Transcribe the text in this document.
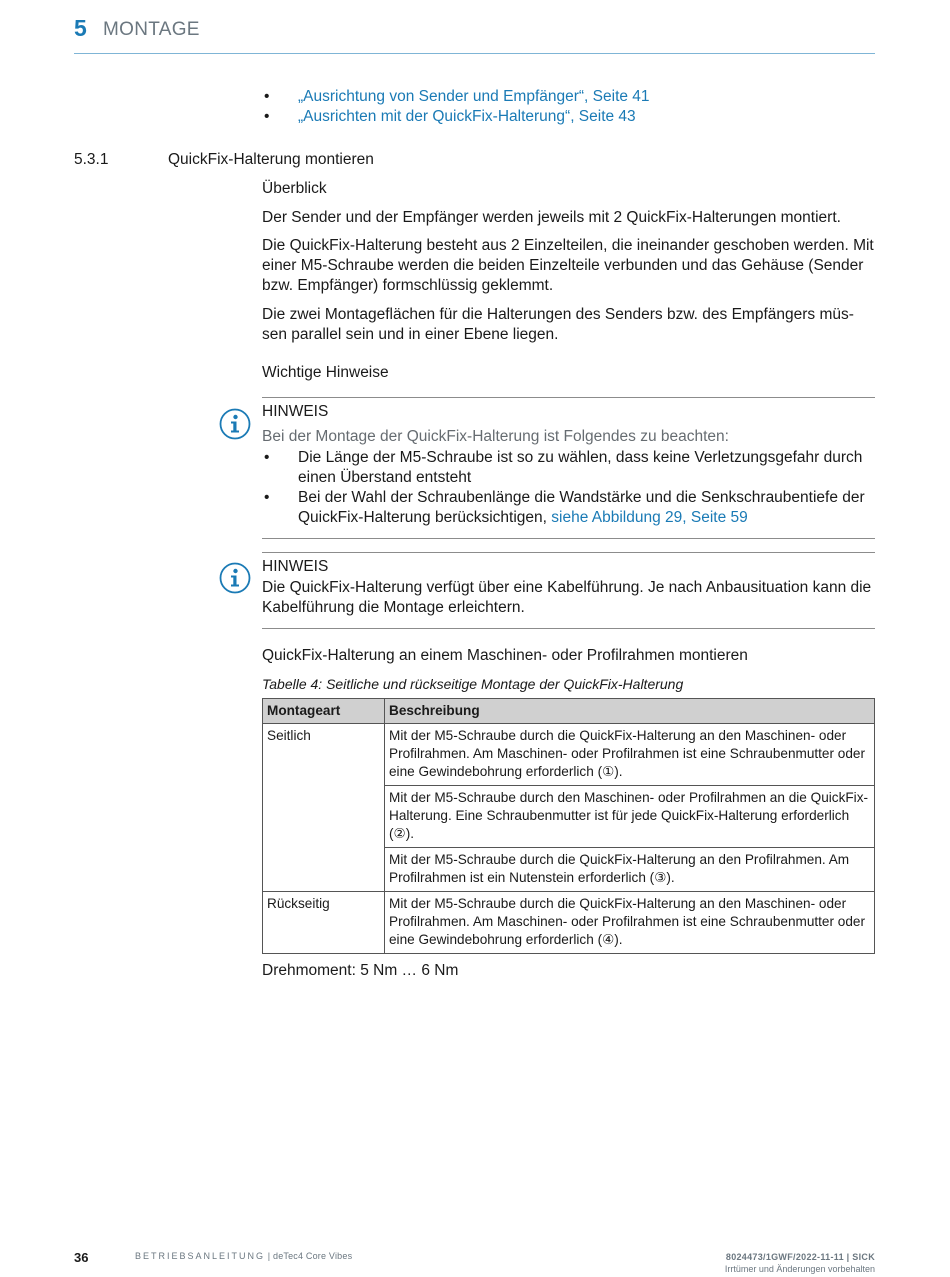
5 MONTAGE
• „Ausrichtung von Sender und Empfänger“, Seite 41
• „Ausrichten mit der QuickFix-Halterung“, Seite 43
5.3.1	QuickFix-Halterung montieren
Überblick

Der Sender und der Empfänger werden jeweils mit 2 QuickFix-Halterungen montiert.

Die QuickFix-Halterung besteht aus 2 Einzelteilen, die ineinander geschoben werden. Mit einer M5-Schraube werden die beiden Einzelteile verbunden und das Gehäuse (Sender bzw. Empfänger) formschlüssig geklemmt.

Die zwei Montageflächen für die Halterungen des Senders bzw. des Empfängers müs-sen parallel sein und in einer Ebene liegen.

Wichtige Hinweise
HINWEIS
Bei der Montage der QuickFix-Halterung ist Folgendes zu beachten:
• Die Länge der M5-Schraube ist so zu wählen, dass keine Verletzungsgefahr durch einen Überstand entsteht
• Bei der Wahl der Schraubenlänge die Wandstärke und die Senkschraubentiefe der QuickFix-Halterung berücksichtigen, siehe Abbildung 29, Seite 59
HINWEIS

Die QuickFix-Halterung verfügt über eine Kabelführung. Je nach Anbausituation kann die Kabelführung die Montage erleichtern.

QuickFix-Halterung an einem Maschinen- oder Profilrahmen montieren
Tabelle 4: Seitliche und rückseitige Montage der QuickFix-Halterung
Montageart	Beschreibung
Seitlich	Mit der M5-Schraube durch die QuickFix-Halterung an den Maschinen- oder Profilrahmen. Am Maschinen- oder Profilrahmen ist eine Schraubenmutter oder eine Gewindebohrung erforderlich (①).
	Mit der M5-Schraube durch den Maschinen- oder Profilrahmen an die QuickFix-Halterung. Eine Schraubenmutter ist für jede QuickFix-Halterung erforderlich (②).
	Mit der M5-Schraube durch die QuickFix-Halterung an den Profilrahmen. Am Profilrahmen ist ein Nutenstein erforderlich (③).
Rückseitig	Mit der M5-Schraube durch die QuickFix-Halterung an den Maschinen- oder Profilrahmen. Am Maschinen- oder Profilrahmen ist eine Schraubenmutter oder eine Gewindebohrung erforderlich (④).
Drehmoment: 5 Nm … 6 Nm
36	BETRIEBSANLEITUNG | deTec4 Core Vibes	8024473/1GWF/2022-11-11 | SICK
Irrtümer und Änderungen vorbehalten
